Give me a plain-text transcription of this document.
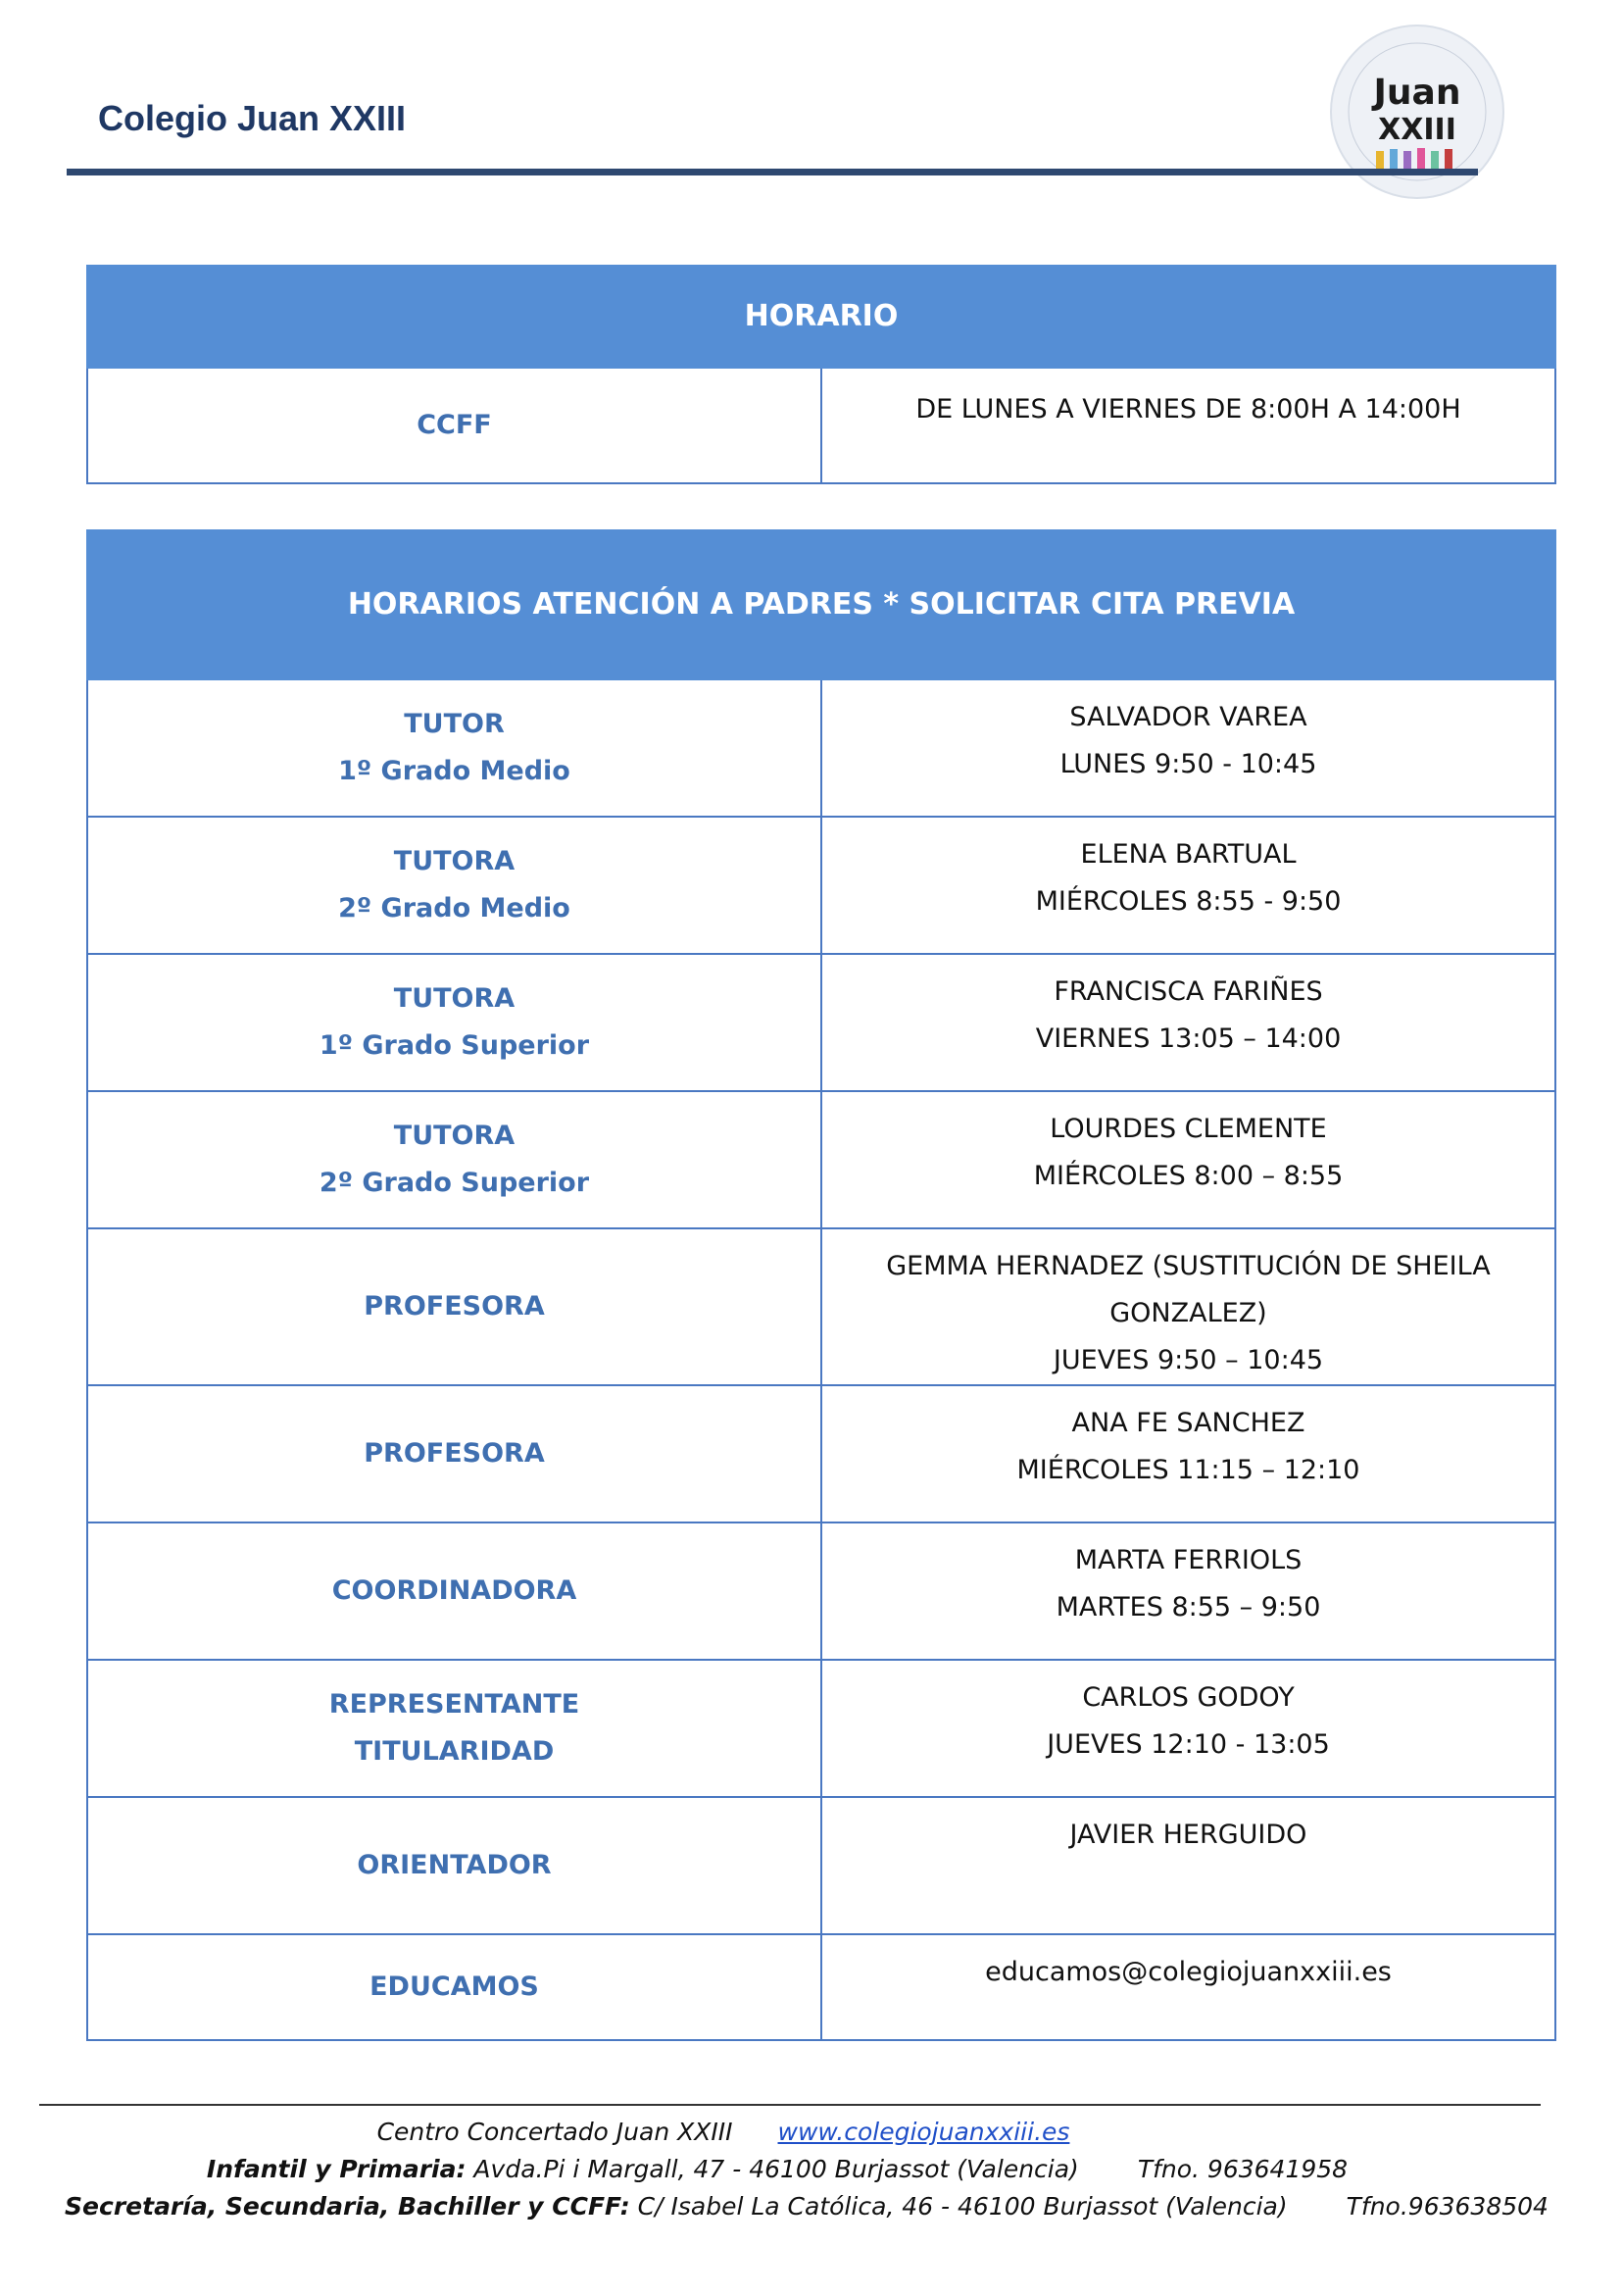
Colegio Juan XXIII
Juan
XXIII
HORARIO
CCFF	DE LUNES A VIERNES DE 8:00H A 14:00H
HORARIOS ATENCIÓN A PADRES * SOLICITAR CITA PREVIA	

TUTOR
1º Grado Medio	SALVADOR VAREA
LUNES 9:50 - 10:45

TUTORA
2º Grado Medio	ELENA BARTUAL
MIÉRCOLES 8:55 - 9:50

TUTORA
1º Grado Superior	FRANCISCA FARIÑES
VIERNES 13:05 – 14:00

TUTORA
2º Grado Superior	LOURDES CLEMENTE
MIÉRCOLES 8:00 – 8:55

PROFESORA	GEMMA HERNADEZ (SUSTITUCIÓN DE SHEILA GONZALEZ)
JUEVES 9:50 – 10:45

PROFESORA	ANA FE SANCHEZ
MIÉRCOLES 11:15 – 12:10

COORDINADORA	MARTA FERRIOLS
MARTES 8:55 – 9:50

REPRESENTANTE
TITULARIDAD	CARLOS GODOY
JUEVES 12:10 - 13:05

ORIENTADOR	JAVIER HERGUIDO

EDUCAMOS	educamos@colegiojuanxxiii.es
Centro Concertado Juan XXIII www.colegiojuanxxiii.es
Infantil y Primaria: Avda.Pi i Margall, 47 - 46100 Burjassot (Valencia) Tfno. 963641958
Secretaría, Secundaria, Bachiller y CCFF: C/ Isabel La Católica, 46 - 46100 Burjassot (Valencia) Tfno.963638504
